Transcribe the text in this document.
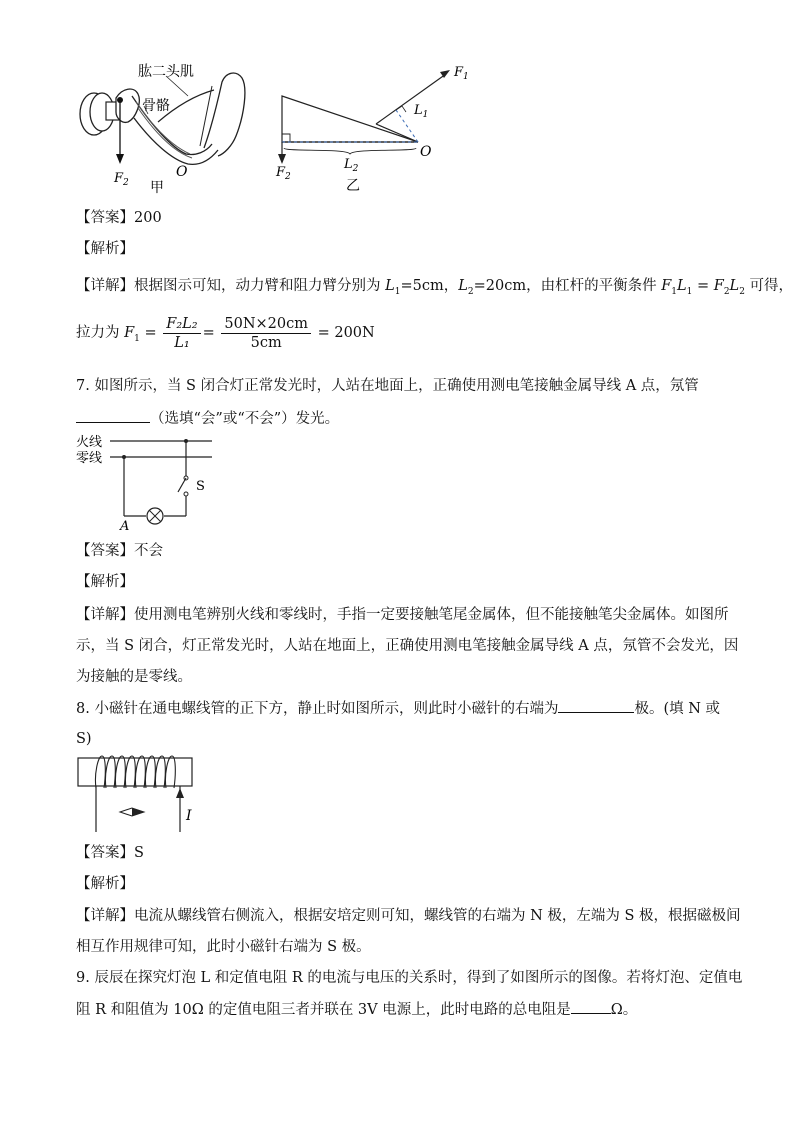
肱二头肌
骨骼
O
$F_2$ 甲
$F_1$
$L_1$
$L_2$
O
$F_2$
乙
【答案】200
【解析】
【详解】根据图示可知，动力臂和阻力臂分别为 $L_1=5cm$，$L_2=20cm$，由杠杆的平衡条件 $F_1L_1 = F_2L_2$ 可得，
拉力为 $F_1 = \frac{\text{F₂L₂}}{\text{L₁}} = \frac{50N\times 20cm}{5cm} = 200N$
7. 如图所示，当 S 闭合灯正常发光时，人站在地面上，正确使用测电笔接触金属导线 A 点，氖管
（选填“会”或“不会”）发光。
火线
零线
S
A
【答案】不会
【解析】
【详解】使用测电笔辨别火线和零线时，手指一定要接触笔尾金属体，但不能接触笔尖金属体。如图所
示，当 S 闭合，灯正常发光时，人站在地面上，正确使用测电笔接触金属导线 A 点，氖管不会发光，因
为接触的是零线。
8. 小磁针在通电螺线管的正下方，静止时如图所示，则此时小磁针的右端为	极。(填 N 或
S)
I
【答案】S
【解析】
【详解】电流从螺线管右侧流入，根据安培定则可知，螺线管的右端为 N 极，左端为 S 极，根据磁极间
相互作用规律可知，此时小磁针右端为 S 极。
9. 辰辰在探究灯泡 L 和定值电阻 R 的电流与电压的关系时，得到了如图所示的图像。若将灯泡、定值电
阻 R 和阻值为 10Ω 的定值电阻三者并联在 3V 电源上，此时电路的总电阻是	Ω。
